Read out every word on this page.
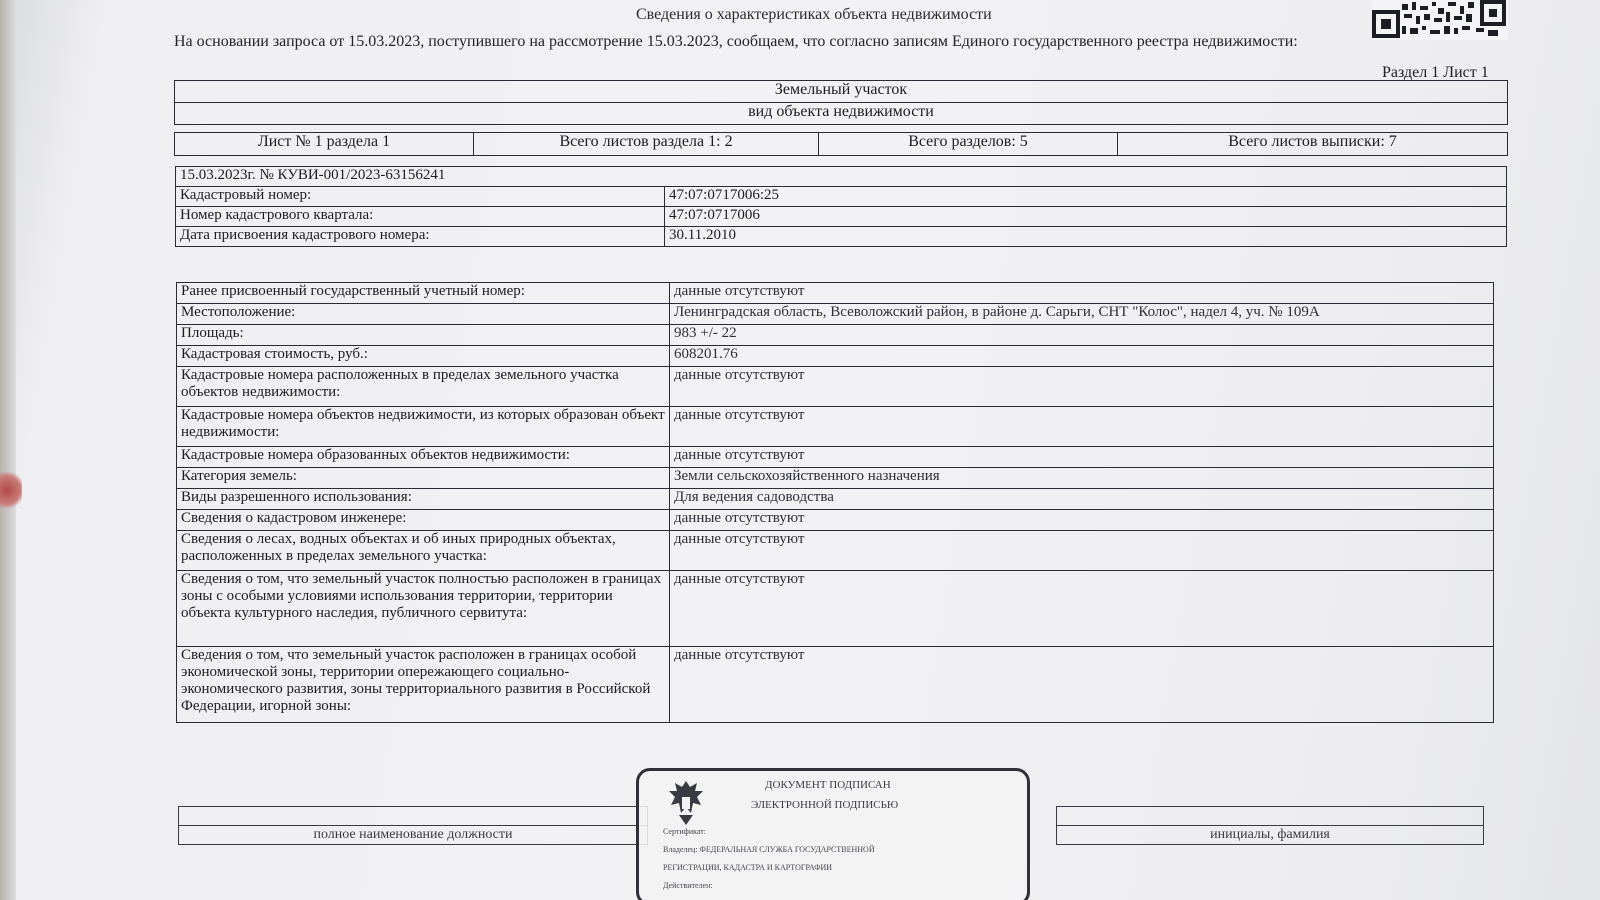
Сведения о характеристиках объекта недвижимости
На основании запроса от 15.03.2023, поступившего на рассмотрение 15.03.2023, сообщаем, что согласно записям Единого государственного реестра недвижимости:
Раздел 1 Лист 1
Земельный участок
вид объекта недвижимости
Лист № 1 раздела 1	Всего листов раздела 1: 2	Всего разделов: 5	Всего листов выписки: 7
15.03.2023г. № КУВИ-001/2023-63156241	
Кадастровый номер:	47:07:0717006:25
Номер кадастрового квартала:	47:07:0717006
Дата присвоения кадастрового номера:	30.11.2010
Ранее присвоенный государственный учетный номер:	данные отсутствуют
Местоположение:	Ленинградская область, Всеволожский район, в районе д. Сарьги, СНТ "Колос", надел 4, уч. № 109А
Площадь:	983 +/- 22
Кадастровая стоимость, руб.:	608201.76
Кадастровые номера расположенных в пределах земельного участка объектов недвижимости:	данные отсутствуют
Кадастровые номера объектов недвижимости, из которых образован объект недвижимости:	данные отсутствуют
Кадастровые номера образованных объектов недвижимости:	данные отсутствуют
Категория земель:	Земли сельскохозяйственного назначения
Виды разрешенного использования:	Для ведения садоводства
Сведения о кадастровом инженере:	данные отсутствуют
Сведения о лесах, водных объектах и об иных природных объектах, расположенных в пределах земельного участка:	данные отсутствуют
Сведения о том, что земельный участок полностью расположен в границах зоны с особыми условиями использования территории, территории объекта культурного наследия, публичного сервитута:	данные отсутствуют
Сведения о том, что земельный участок расположен в границах особой экономической зоны, территории опережающего социально-экономического развития, зоны территориального развития в Российской Федерации, игорной зоны:	данные отсутствуют

полное наименование должности		инициалы, фамилия
ДОКУМЕНТ ПОДПИСАН
ЭЛЕКТРОННОЙ ПОДПИСЬЮ
Сертификат:
Владелец: ФЕДЕРАЛЬНАЯ СЛУЖБА ГОСУДАРСТВЕННОЙ
РЕГИСТРАЦИИ, КАДАСТРА И КАРТОГРАФИИ
Действителен:
